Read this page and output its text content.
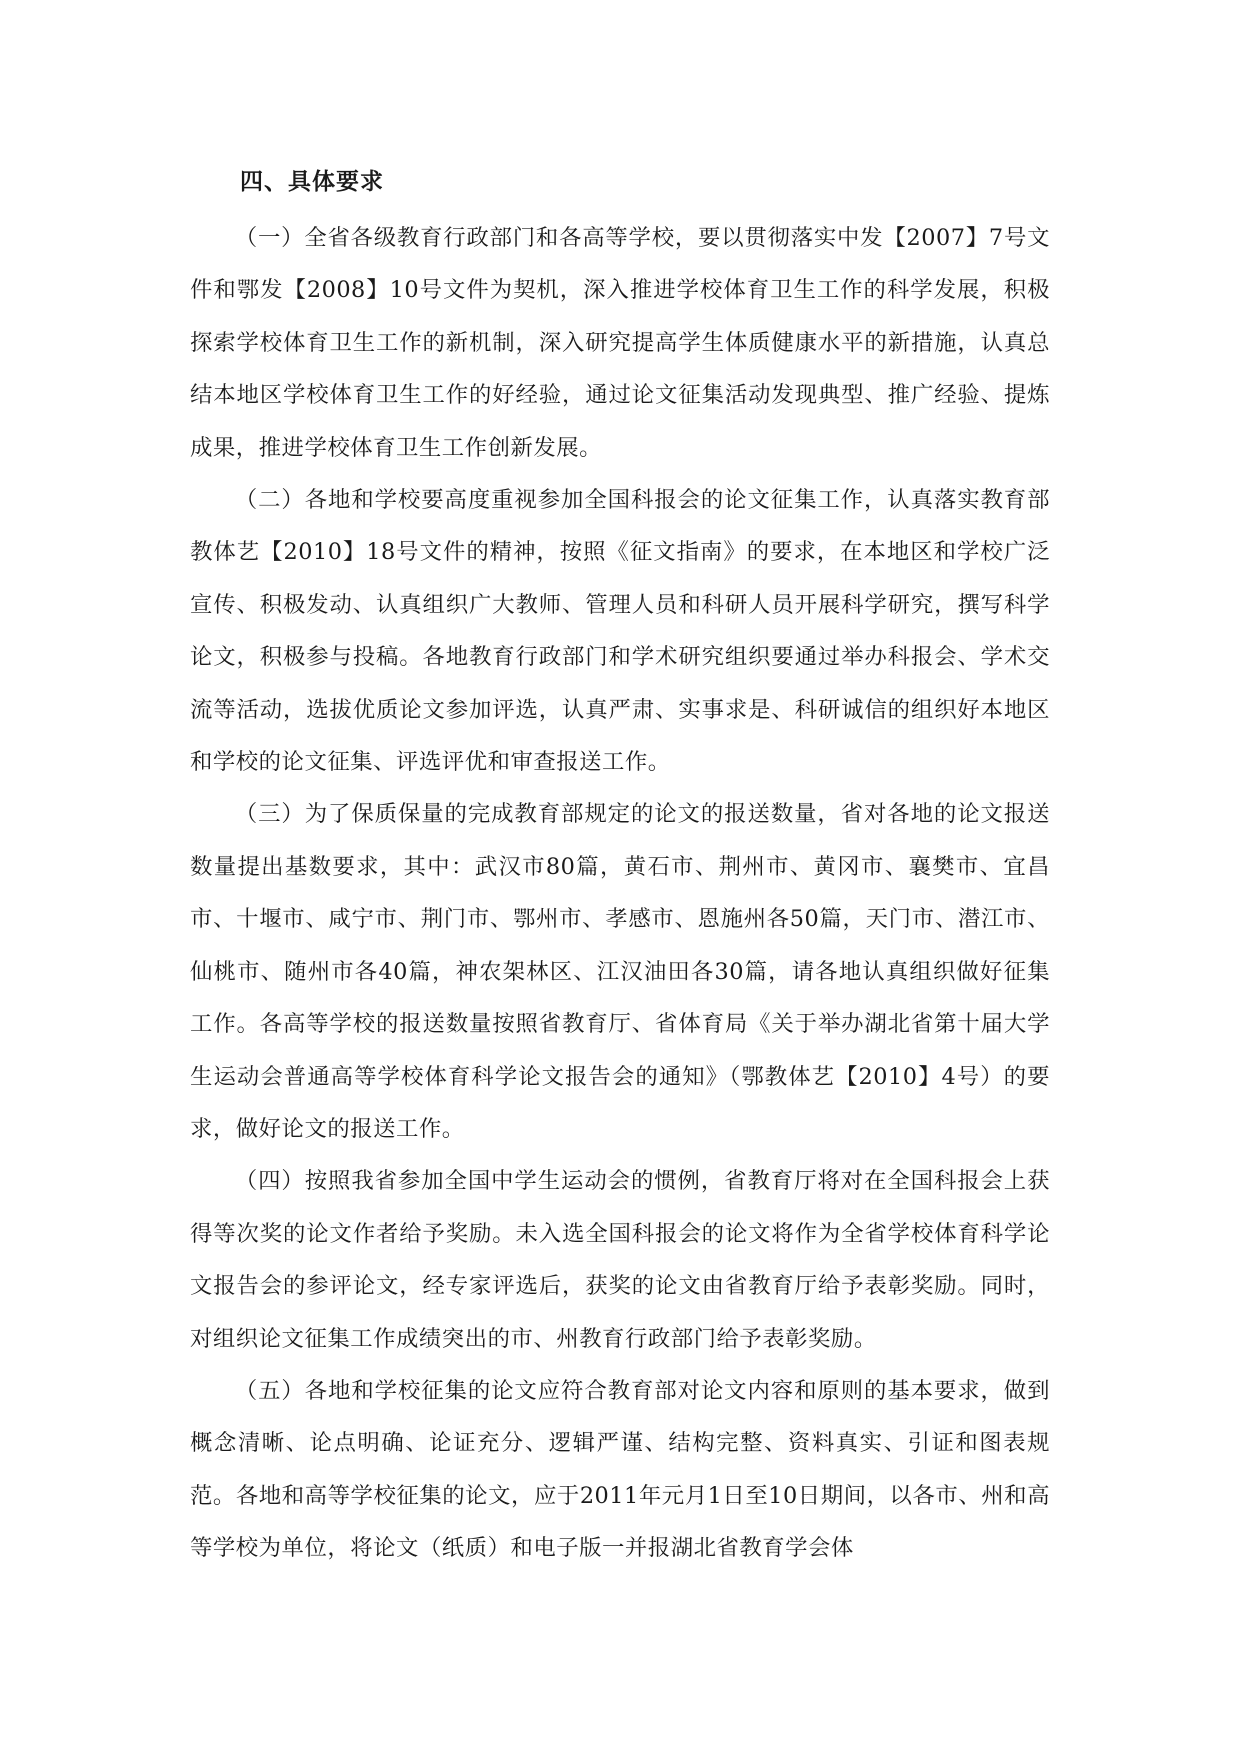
四、具体要求

（一）全省各级教育行政部门和各高等学校，要以贯彻落实中发【2007】7号文件和鄂发【2008】10号文件为契机，深入推进学校体育卫生工作的科学发展，积极探索学校体育卫生工作的新机制，深入研究提高学生体质健康水平的新措施，认真总结本地区学校体育卫生工作的好经验，通过论文征集活动发现典型、推广经验、提炼成果，推进学校体育卫生工作创新发展。

（二）各地和学校要高度重视参加全国科报会的论文征集工作，认真落实教育部教体艺【2010】18号文件的精神，按照《征文指南》的要求，在本地区和学校广泛宣传、积极发动、认真组织广大教师、管理人员和科研人员开展科学研究，撰写科学论文，积极参与投稿。各地教育行政部门和学术研究组织要通过举办科报会、学术交流等活动，选拔优质论文参加评选，认真严肃、实事求是、科研诚信的组织好本地区和学校的论文征集、评选评优和审查报送工作。

（三）为了保质保量的完成教育部规定的论文的报送数量，省对各地的论文报送数量提出基数要求，其中：武汉市80篇，黄石市、荆州市、黄冈市、襄樊市、宜昌市、十堰市、咸宁市、荆门市、鄂州市、孝感市、恩施州各50篇，天门市、潜江市、仙桃市、随州市各40篇，神农架林区、江汉油田各30篇，请各地认真组织做好征集工作。各高等学校的报送数量按照省教育厅、省体育局《关于举办湖北省第十届大学生运动会普通高等学校体育科学论文报告会的通知》（鄂教体艺【2010】4号）的要求，做好论文的报送工作。

（四）按照我省参加全国中学生运动会的惯例，省教育厅将对在全国科报会上获得等次奖的论文作者给予奖励。未入选全国科报会的论文将作为全省学校体育科学论文报告会的参评论文，经专家评选后，获奖的论文由省教育厅给予表彰奖励。同时，对组织论文征集工作成绩突出的市、州教育行政部门给予表彰奖励。

（五）各地和学校征集的论文应符合教育部对论文内容和原则的基本要求，做到概念清晰、论点明确、论证充分、逻辑严谨、结构完整、资料真实、引证和图表规范。各地和高等学校征集的论文，应于2011年元月1日至10日期间，以各市、州和高等学校为单位，将论文（纸质）和电子版一并报湖北省教育学会体
